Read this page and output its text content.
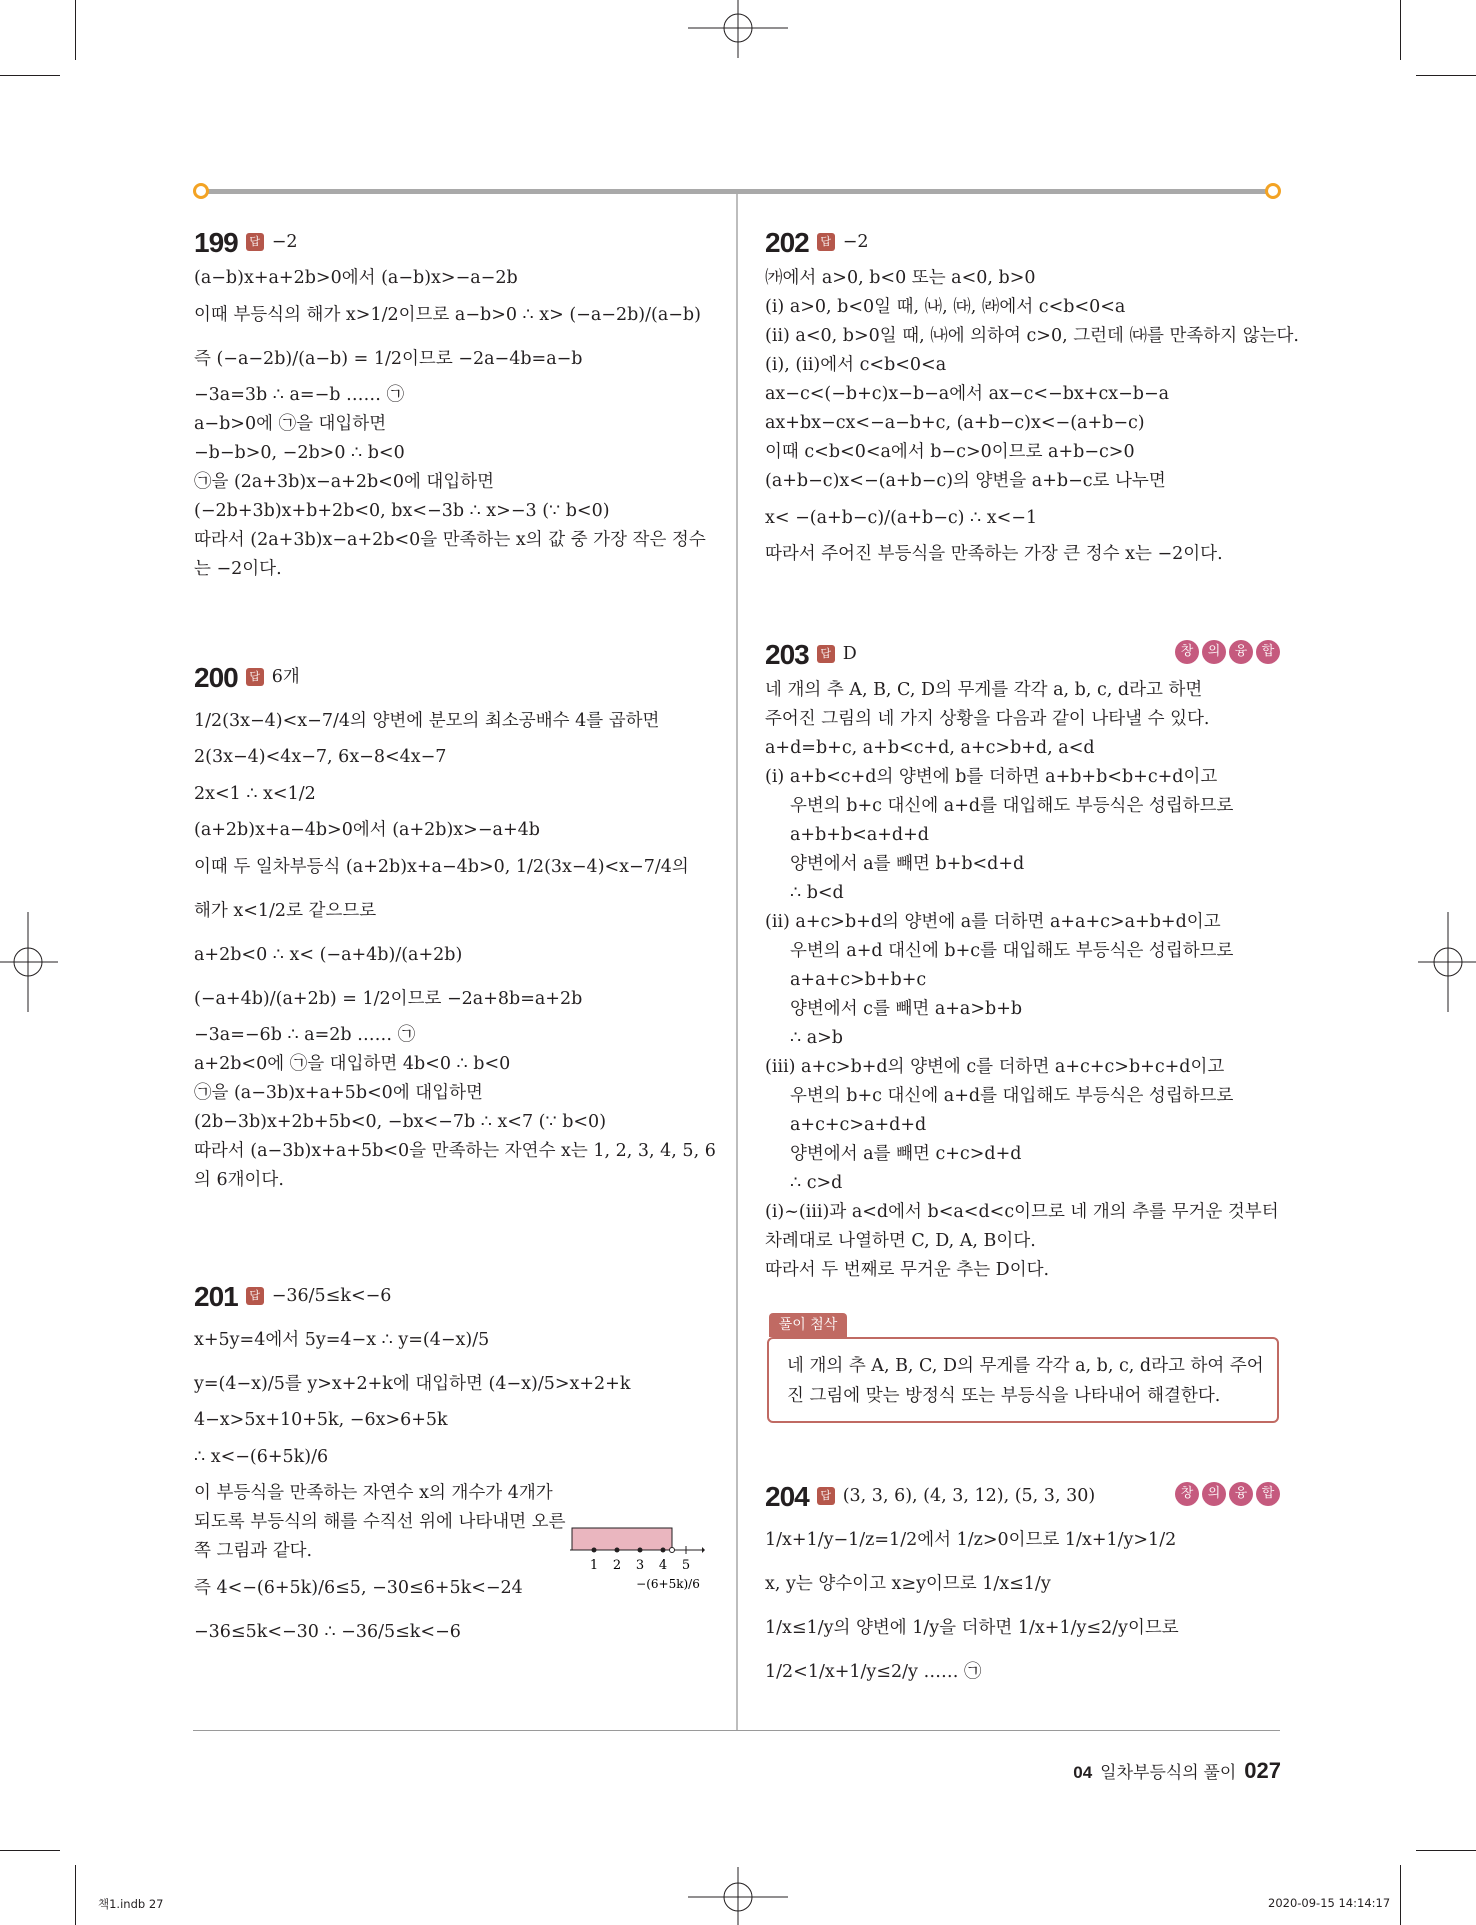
199	답 −2
(a−b)x+a+2b>0에서 (a−b)x>−a−2b
이때 부등식의 해가 x>1/2이므로 a−b>0 ∴ x> (−a−2b)/(a−b)
즉 (−a−2b)/(a−b) = 1/2이므로 −2a−4b=a−b
−3a=3b ∴ a=−b …… ㉠
a−b>0에 ㉠을 대입하면
−b−b>0, −2b>0 ∴ b<0
㉠을 (2a+3b)x−a+2b<0에 대입하면
(−2b+3b)x+b+2b<0, bx<−3b ∴ x>−3 (∵ b<0)
따라서 (2a+3b)x−a+2b<0을 만족하는 x의 값 중 가장 작은 정수
는 −2이다.
200	답 6개
1/2(3x−4)<x−7/4의 양변에 분모의 최소공배수 4를 곱하면
2(3x−4)<4x−7, 6x−8<4x−7
2x<1 ∴ x<1/2
(a+2b)x+a−4b>0에서 (a+2b)x>−a+4b
이때 두 일차부등식 (a+2b)x+a−4b>0, 1/2(3x−4)<x−7/4의
해가 x<1/2로 같으므로
a+2b<0 ∴ x< (−a+4b)/(a+2b)
(−a+4b)/(a+2b) = 1/2이므로 −2a+8b=a+2b
−3a=−6b ∴ a=2b …… ㉠
a+2b<0에 ㉠을 대입하면 4b<0 ∴ b<0
㉠을 (a−3b)x+a+5b<0에 대입하면
(2b−3b)x+2b+5b<0, −bx<−7b ∴ x<7 (∵ b<0)
따라서 (a−3b)x+a+5b<0을 만족하는 자연수 x는 1, 2, 3, 4, 5, 6
의 6개이다.
201	답 −36/5≤k<−6
x+5y=4에서 5y=4−x ∴ y=(4−x)/5
y=(4−x)/5를 y>x+2+k에 대입하면 (4−x)/5>x+2+k
4−x>5x+10+5k, −6x>6+5k
∴ x<−(6+5k)/6
이 부등식을 만족하는 자연수 x의 개수가 4개가
되도록 부등식의 해를 수직선 위에 나타내면 오른
쪽 그림과 같다.
즉 4<−(6+5k)/6≤5, −30≤6+5k<−24
−36≤5k<−30 ∴ −36/5≤k<−6
1 2 3 4 5
−(6+5k)/6
202	답 −2
㈎에서 a>0, b<0 또는 a<0, b>0
(ⅰ) a>0, b<0일 때, ㈏, ㈐, ㈑에서 c<b<0<a
(ⅱ) a<0, b>0일 때, ㈏에 의하여 c>0, 그런데 ㈐를 만족하지 않는다.
(ⅰ), (ⅱ)에서 c<b<0<a
ax−c<(−b+c)x−b−a에서 ax−c<−bx+cx−b−a
ax+bx−cx<−a−b+c, (a+b−c)x<−(a+b−c)
이때 c<b<0<a에서 b−c>0이므로 a+b−c>0
(a+b−c)x<−(a+b−c)의 양변을 a+b−c로 나누면
x< −(a+b−c)/(a+b−c) ∴ x<−1
따라서 주어진 부등식을 만족하는 가장 큰 정수 x는 −2이다.
203	답 D	창	의	융	합
네 개의 추 A, B, C, D의 무게를 각각 a, b, c, d라고 하면
주어진 그림의 네 가지 상황을 다음과 같이 나타낼 수 있다.
a+d=b+c, a+b<c+d, a+c>b+d, a<d
(ⅰ) a+b<c+d의 양변에 b를 더하면 a+b+b<b+c+d이고
우변의 b+c 대신에 a+d를 대입해도 부등식은 성립하므로
a+b+b<a+d+d
양변에서 a를 빼면 b+b<d+d
∴ b<d
(ⅱ) a+c>b+d의 양변에 a를 더하면 a+a+c>a+b+d이고
우변의 a+d 대신에 b+c를 대입해도 부등식은 성립하므로
a+a+c>b+b+c
양변에서 c를 빼면 a+a>b+b
∴ a>b
(ⅲ) a+c>b+d의 양변에 c를 더하면 a+c+c>b+c+d이고
우변의 b+c 대신에 a+d를 대입해도 부등식은 성립하므로
a+c+c>a+d+d
양변에서 a를 빼면 c+c>d+d
∴ c>d
(ⅰ)~(ⅲ)과 a<d에서 b<a<d<c이므로 네 개의 추를 무거운 것부터
차례대로 나열하면 C, D, A, B이다.
따라서 두 번째로 무거운 추는 D이다.
풀이 첨삭
네 개의 추 A, B, C, D의 무게를 각각 a, b, c, d라고 하여 주어
진 그림에 맞는 방정식 또는 부등식을 나타내어 해결한다.
204	답 (3, 3, 6), (4, 3, 12), (5, 3, 30)	창	의	융	합
1/x+1/y−1/z=1/2에서 1/z>0이므로 1/x+1/y>1/2
x, y는 양수이고 x≥y이므로 1/x≤1/y
1/x≤1/y의 양변에 1/y을 더하면 1/x+1/y≤2/y이므로
1/2<1/x+1/y≤2/y …… ㉠
04 일차부등식의 풀이 027
책1.indb 27	2020-09-15 14:14:17
